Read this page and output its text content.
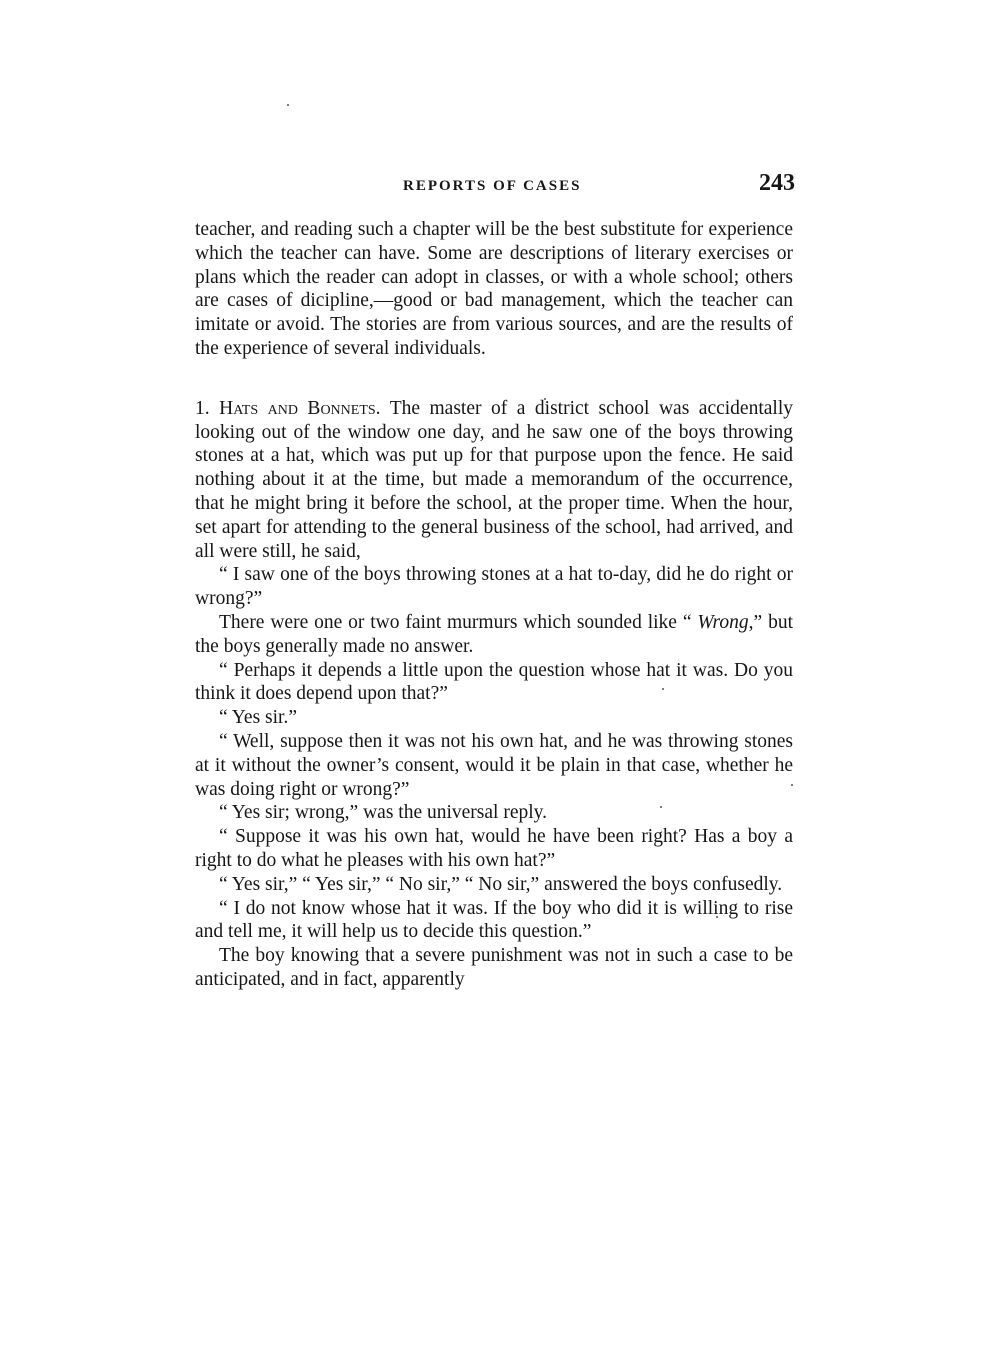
REPORTS OF CASES	243

teacher, and reading such a chapter will be the best substitute for experience which the teacher can have. Some are descriptions of literary exercises or plans which the reader can adopt in classes, or with a whole school; others are cases of dicipline,—good or bad management, which the teacher can imitate or avoid. The stories are from various sources, and are the results of the experience of several individuals.

1. Hats and Bonnets. The master of a district school was accidentally looking out of the window one day, and he saw one of the boys throwing stones at a hat, which was put up for that purpose upon the fence. He said nothing about it at the time, but made a memorandum of the occurrence, that he might bring it before the school, at the proper time. When the hour, set apart for attending to the general business of the school, had arrived, and all were still, he said,

“ I saw one of the boys throwing stones at a hat to-day, did he do right or wrong?”

There were one or two faint murmurs which sounded like “ Wrong,” but the boys generally made no answer.

“ Perhaps it depends a little upon the question whose hat it was. Do you think it does depend upon that?”

“ Yes sir.”

“ Well, suppose then it was not his own hat, and he was throwing stones at it without the owner’s consent, would it be plain in that case, whether he was doing right or wrong?”

“ Yes sir; wrong,” was the universal reply.

“ Suppose it was his own hat, would he have been right? Has a boy a right to do what he pleases with his own hat?”

“ Yes sir,” “ Yes sir,” “ No sir,” “ No sir,” answered the boys confusedly.

“ I do not know whose hat it was. If the boy who did it is willing to rise and tell me, it will help us to decide this question.”

The boy knowing that a severe punishment was not in such a case to be anticipated, and in fact, apparently
